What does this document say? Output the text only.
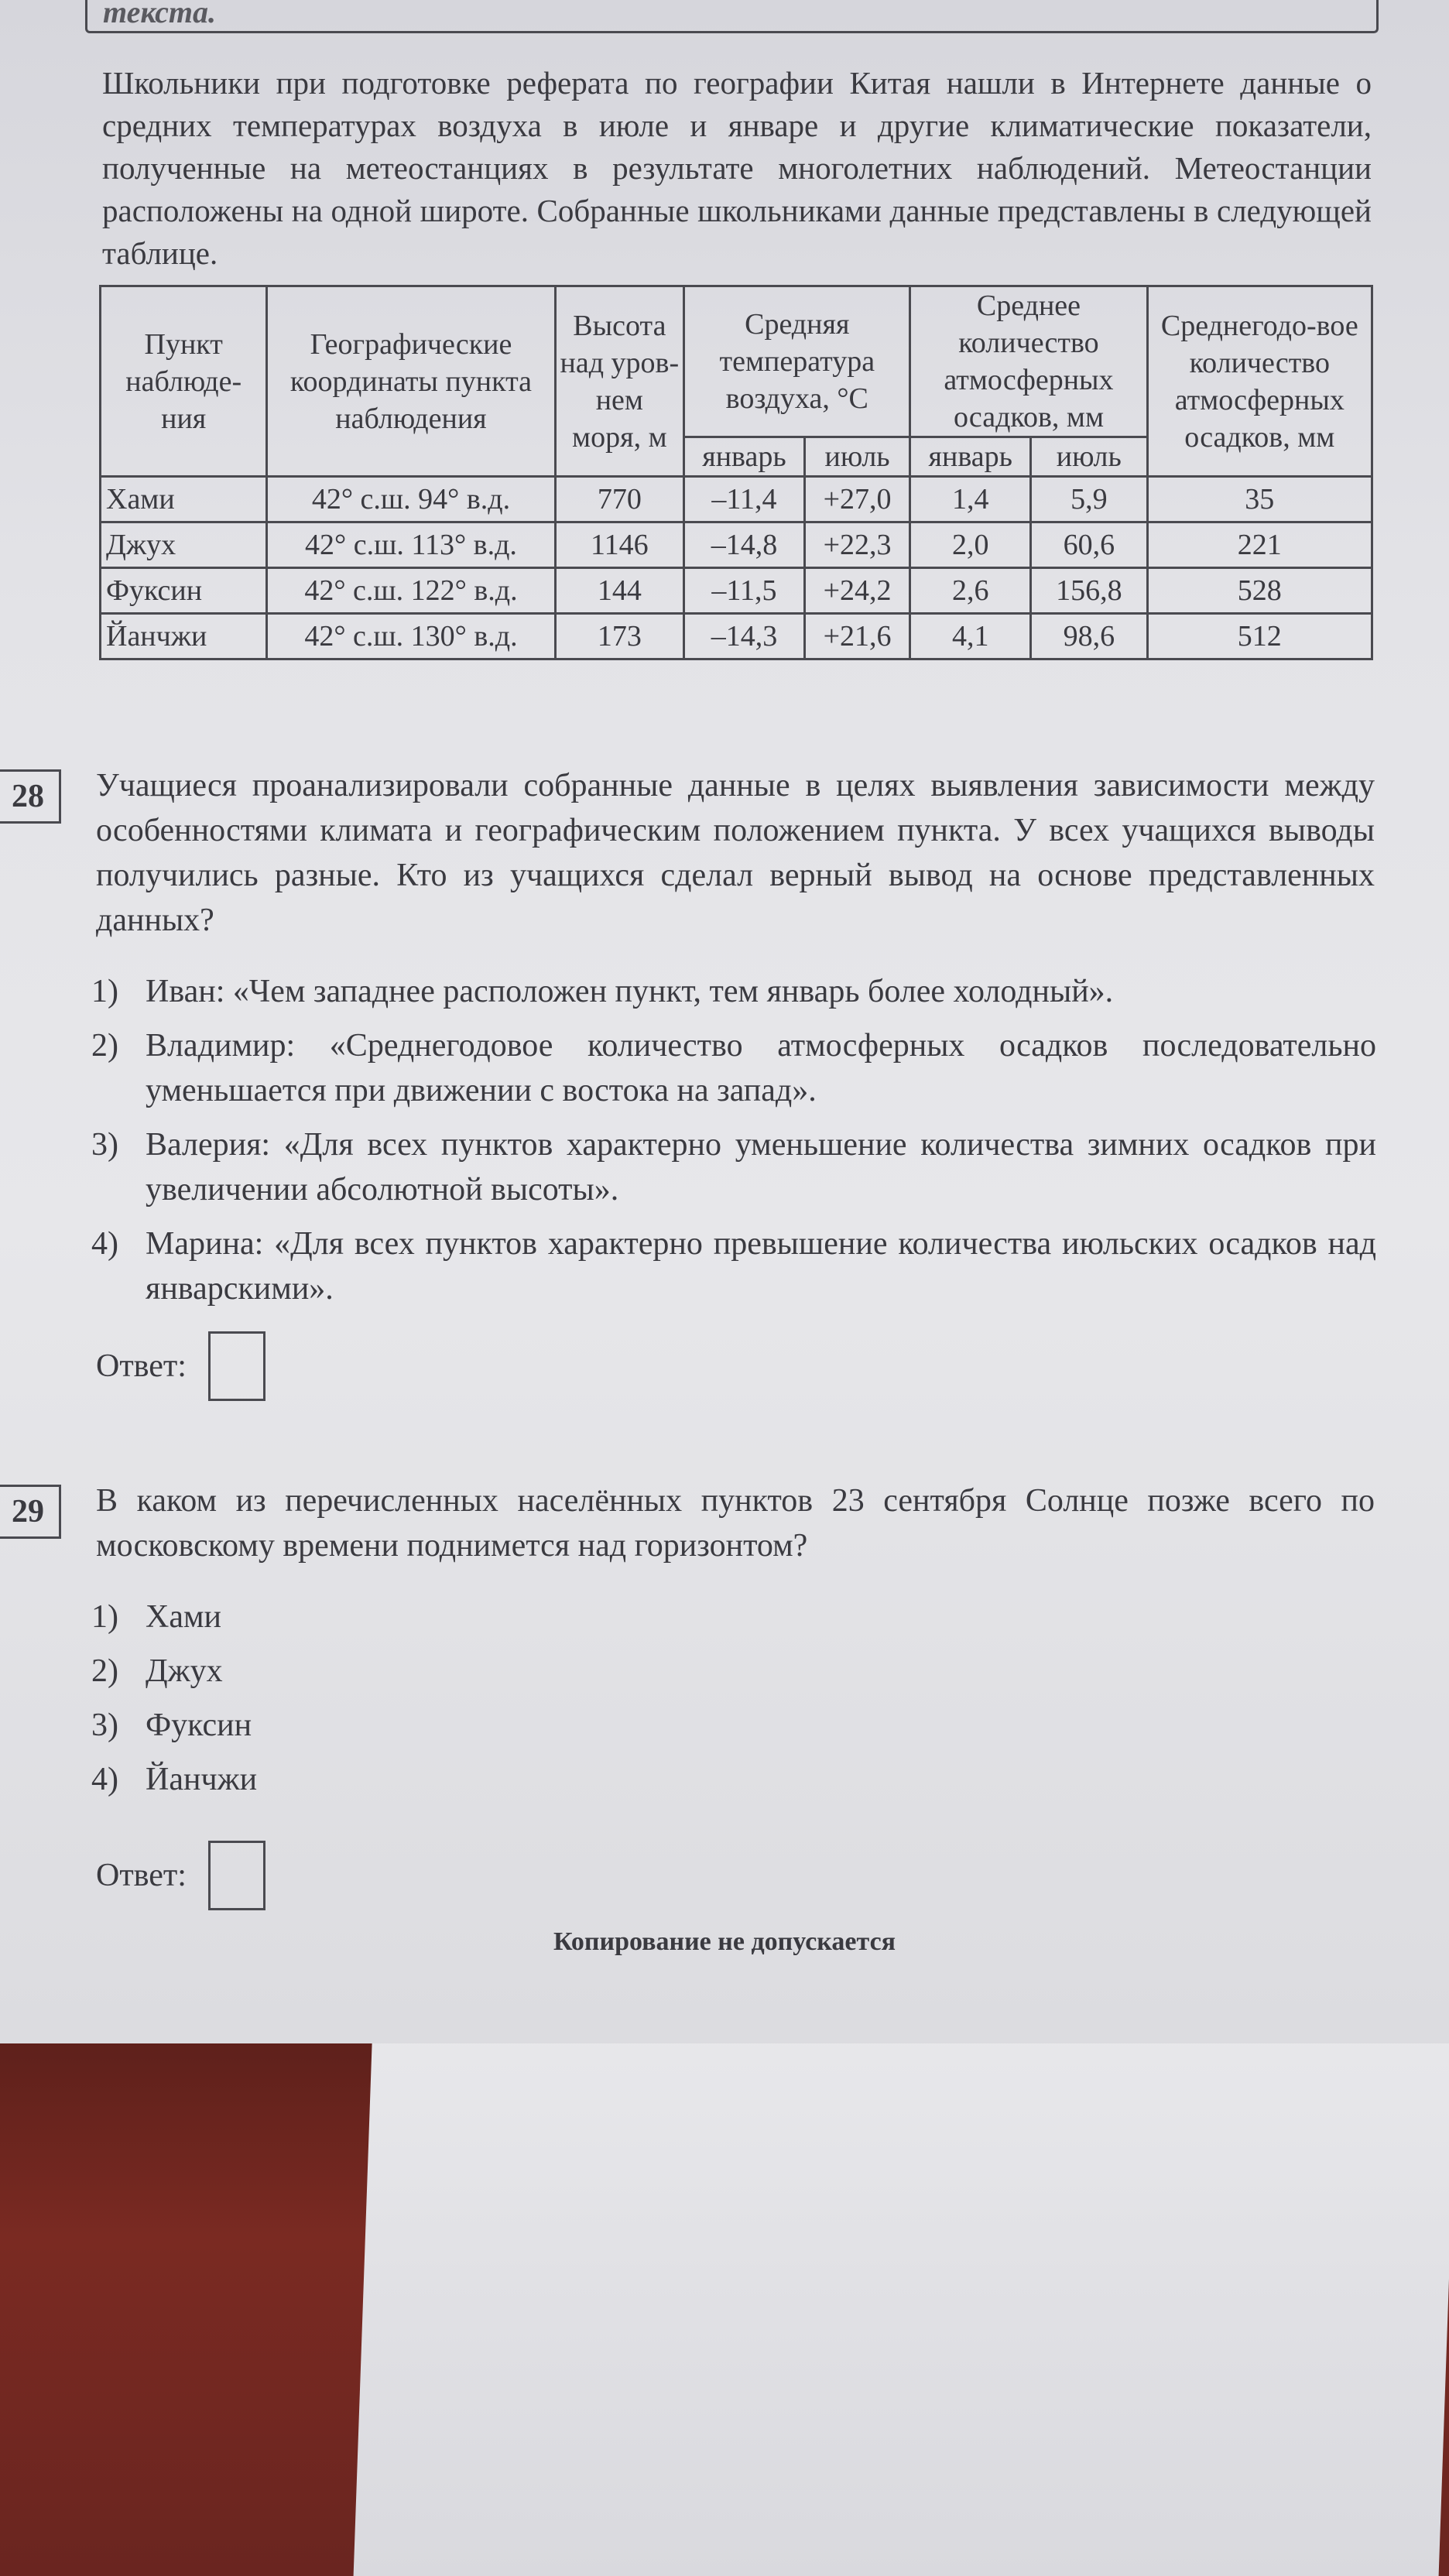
текста.
Школьники при подготовке реферата по географии Китая нашли в Интернете данные о средних температурах воздуха в июле и январе и другие климатические показатели, полученные на метеостанциях в результате многолетних наблюдений. Метеостанции расположены на одной широте. Собранные школьниками данные представлены в следующей таблице.
Пункт наблюде-ния	Географические координаты пункта наблюдения	Высота над уров-нем моря, м	Средняя температура воздуха, °C		Среднее количество атмосферных осадков, мм		Среднегодо-вое количество атмосферных осадков, мм
			январь	июль	январь	июль	
Хами	42° с.ш. 94° в.д.	770	–11,4	+27,0	1,4	5,9	35
Джух	42° с.ш. 113° в.д.	1146	–14,8	+22,3	2,0	60,6	221
Фуксин	42° с.ш. 122° в.д.	144	–11,5	+24,2	2,6	156,8	528
Йанчжи	42° с.ш. 130° в.д.	173	–14,3	+21,6	4,1	98,6	512
28	Учащиеся проанализировали собранные данные в целях выявления зависимости между особенностями климата и географическим положением пункта. У всех учащихся выводы получились разные. Кто из учащихся сделал верный вывод на основе представленных данных?
1) Иван: «Чем западнее расположен пункт, тем январь более холодный».
2) Владимир: «Среднегодовое количество атмосферных осадков последовательно уменьшается при движении с востока на запад».
3) Валерия: «Для всех пунктов характерно уменьшение количества зимних осадков при увеличении абсолютной высоты».
4) Марина: «Для всех пунктов характерно превышение количества июльских осадков над январскими».
Ответ:
29	В каком из перечисленных населённых пунктов 23 сентября Солнце позже всего по московскому времени поднимется над горизонтом?
1) Хами
2) Джух
3) Фуксин
4) Йанчжи
Ответ:
Копирование не допускается
